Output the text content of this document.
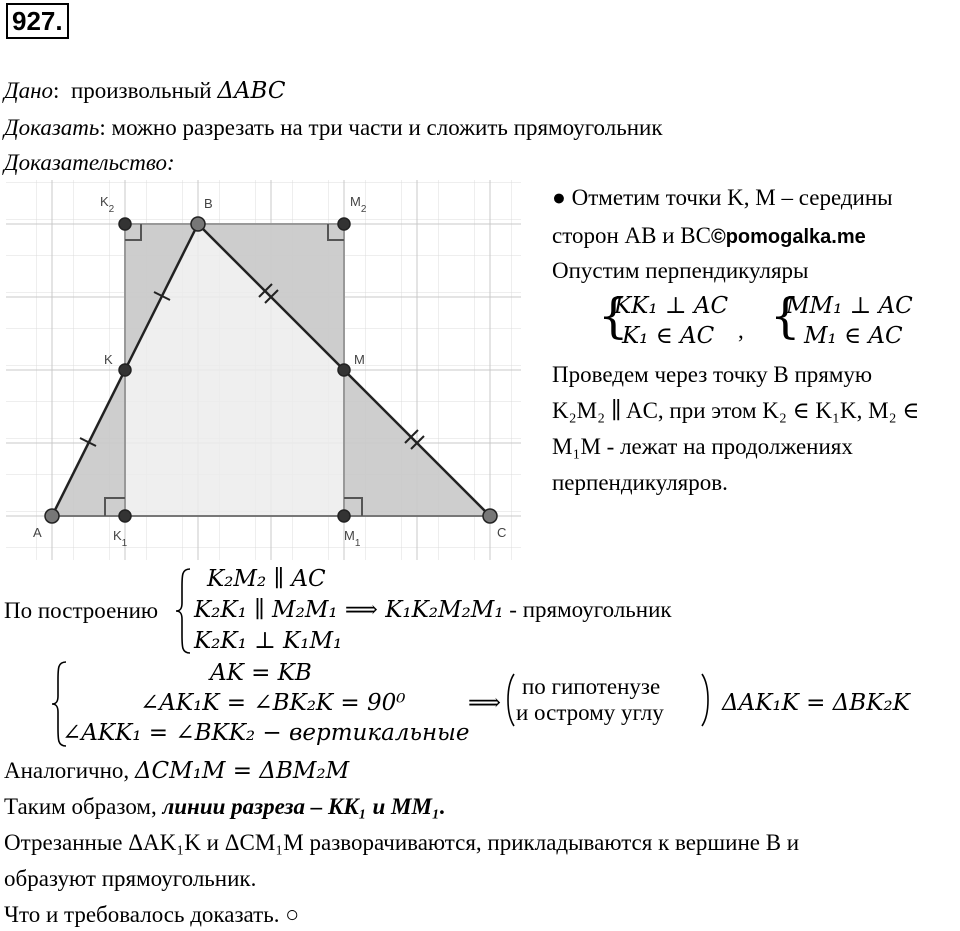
927.
Дано: произвольный ΔABC
Доказать: можно разрезать на три части и сложить прямоугольник
Доказательство:
A
B
C
K	M
$K_1$
$M_1$
$K_2$
$M_2$	● Отметим точки K, M – середины
сторон AB и BC©pomogalka.me
Опустим перпендикуляры
{
KK₁ ⊥ AC
K₁ ∈ AC , {
MM₁ ⊥ AC
M₁ ∈ AC
Проведем через точку B прямую
K₂M₂ ∥ AC, при этом K₂ ∈ K₁K, M₂ ∈
M₁M - лежат на продолжениях
перпендикуляров.
По построению
K₂M₂ ∥ AC
K₂K₁ ∥ M₂M₁ ⟹ K₁K₂M₂M₁ - прямоугольник
K₂K₁ ⊥ K₁M₁
AK = KB
∠AK₁K = ∠BK₂K = 90⁰
∠AKK₁ = ∠BKK₂ − вертикальные
⟹
по гипотенузе
и острому углу	ΔAK₁K = ΔBK₂K
Аналогично, ΔCM₁M = ΔBM₂M
Таким образом, линии разреза – KK₁ и MM₁.
Отрезанные ΔAK₁K и ΔCM₁M разворачиваются, прикладываются к вершине B и
образуют прямоугольник.
Что и требовалось доказать. ○
